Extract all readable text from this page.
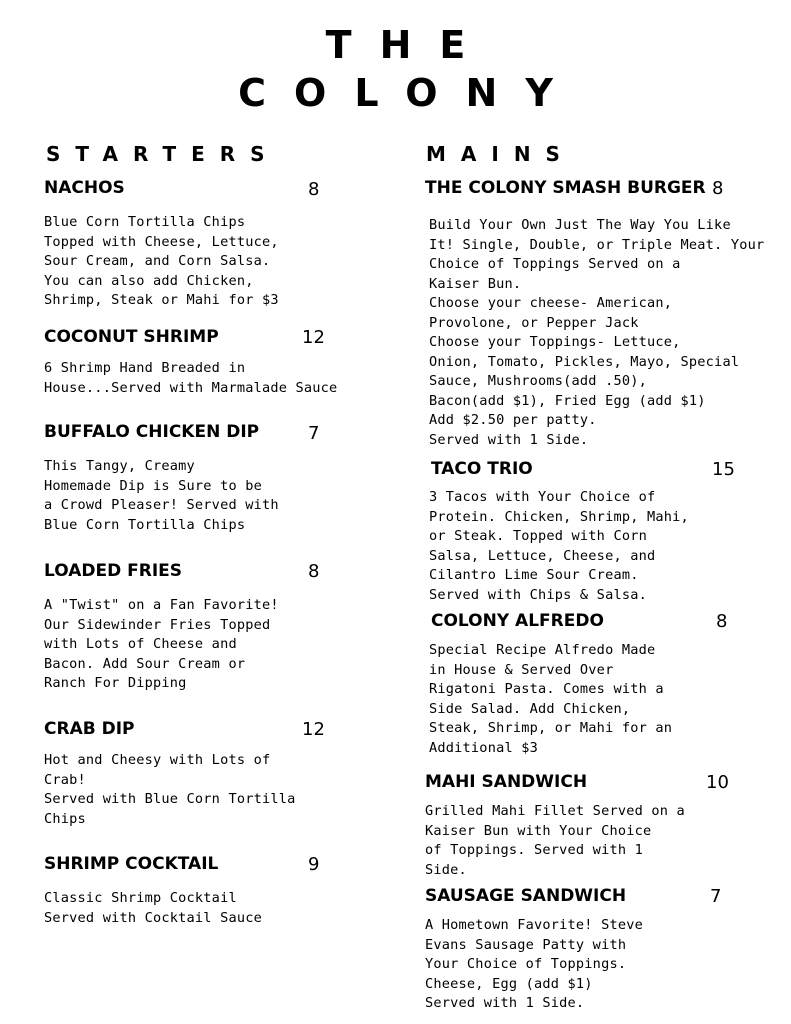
THE
COLONY
STARTERS
NACHOS	8
Blue Corn Tortilla Chips
Topped with Cheese, Lettuce,
Sour Cream, and Corn Salsa.
You can also add Chicken,
Shrimp, Steak or Mahi for $3
COCONUT SHRIMP	12
6 Shrimp Hand Breaded in
House...Served with Marmalade Sauce
BUFFALO CHICKEN DIP	7
This Tangy, Creamy
Homemade Dip is Sure to be
a Crowd Pleaser! Served with
Blue Corn Tortilla Chips
LOADED FRIES	8
A "Twist" on a Fan Favorite!
Our Sidewinder Fries Topped
with Lots of Cheese and
Bacon. Add Sour Cream or
Ranch For Dipping
CRAB DIP	12
Hot and Cheesy with Lots of
Crab!
Served with Blue Corn Tortilla
Chips
SHRIMP COCKTAIL	9
Classic Shrimp Cocktail
Served with Cocktail Sauce
MAINS
THE COLONY SMASH BURGER 8
Build Your Own Just The Way You Like
It! Single, Double, or Triple Meat. Your
Choice of Toppings Served on a
Kaiser Bun.
Choose your cheese- American,
Provolone, or Pepper Jack
Choose your Toppings- Lettuce,
Onion, Tomato, Pickles, Mayo, Special
Sauce, Mushrooms(add .50),
Bacon(add $1), Fried Egg (add $1)
Add $2.50 per patty.
Served with 1 Side.
TACO TRIO	15
3 Tacos with Your Choice of
Protein. Chicken, Shrimp, Mahi,
or Steak. Topped with Corn
Salsa, Lettuce, Cheese, and
Cilantro Lime Sour Cream.
Served with Chips & Salsa.
COLONY ALFREDO	8
Special Recipe Alfredo Made
in House & Served Over
Rigatoni Pasta. Comes with a
Side Salad. Add Chicken,
Steak, Shrimp, or Mahi for an
Additional $3
MAHI SANDWICH	10
Grilled Mahi Fillet Served on a
Kaiser Bun with Your Choice
of Toppings. Served with 1
Side.
SAUSAGE SANDWICH	7
A Hometown Favorite! Steve
Evans Sausage Patty with
Your Choice of Toppings.
Cheese, Egg (add $1)
Served with 1 Side.
